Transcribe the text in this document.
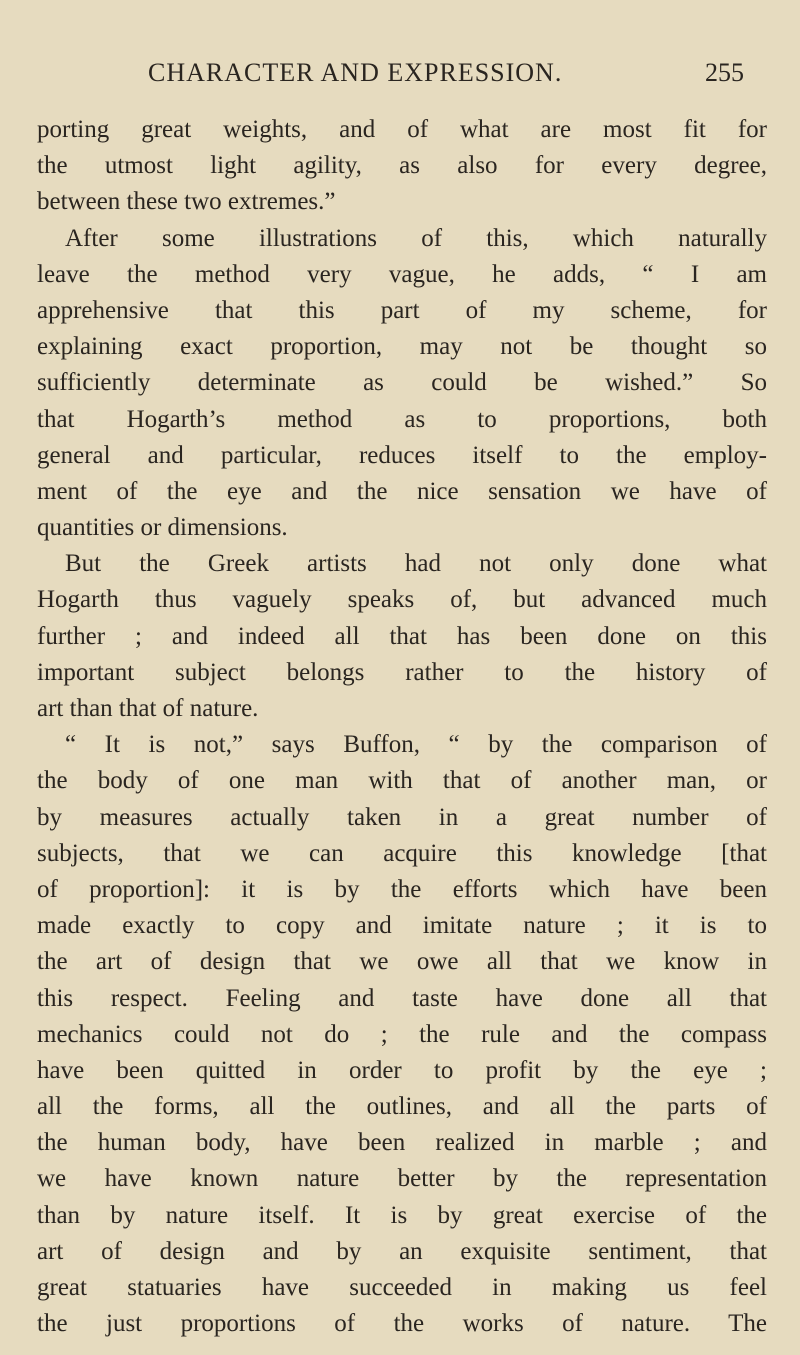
CHARACTER AND EXPRESSION.	255
porting great weights, and of what are most fit for
the utmost light agility, as also for every degree,
between these two extremes.”
After some illustrations of this, which naturally
leave the method very vague, he adds, “ I am
apprehensive that this part of my scheme, for
explaining exact proportion, may not be thought so
sufficiently determinate as could be wished.” So
that Hogarth’s method as to proportions, both
general and particular, reduces itself to the employ-
ment of the eye and the nice sensation we have of
quantities or dimensions.
But the Greek artists had not only done what
Hogarth thus vaguely speaks of, but advanced much
further ; and indeed all that has been done on this
important subject belongs rather to the history of
art than that of nature.
“ It is not,” says Buffon, “ by the comparison of
the body of one man with that of another man, or
by measures actually taken in a great number of
subjects, that we can acquire this knowledge [that
of proportion]: it is by the efforts which have been
made exactly to copy and imitate nature ; it is to
the art of design that we owe all that we know in
this respect. Feeling and taste have done all that
mechanics could not do ; the rule and the compass
have been quitted in order to profit by the eye ;
all the forms, all the outlines, and all the parts of
the human body, have been realized in marble ; and
we have known nature better by the representation
than by nature itself. It is by great exercise of the
art of design and by an exquisite sentiment, that
great statuaries have succeeded in making us feel
the just proportions of the works of nature. The
